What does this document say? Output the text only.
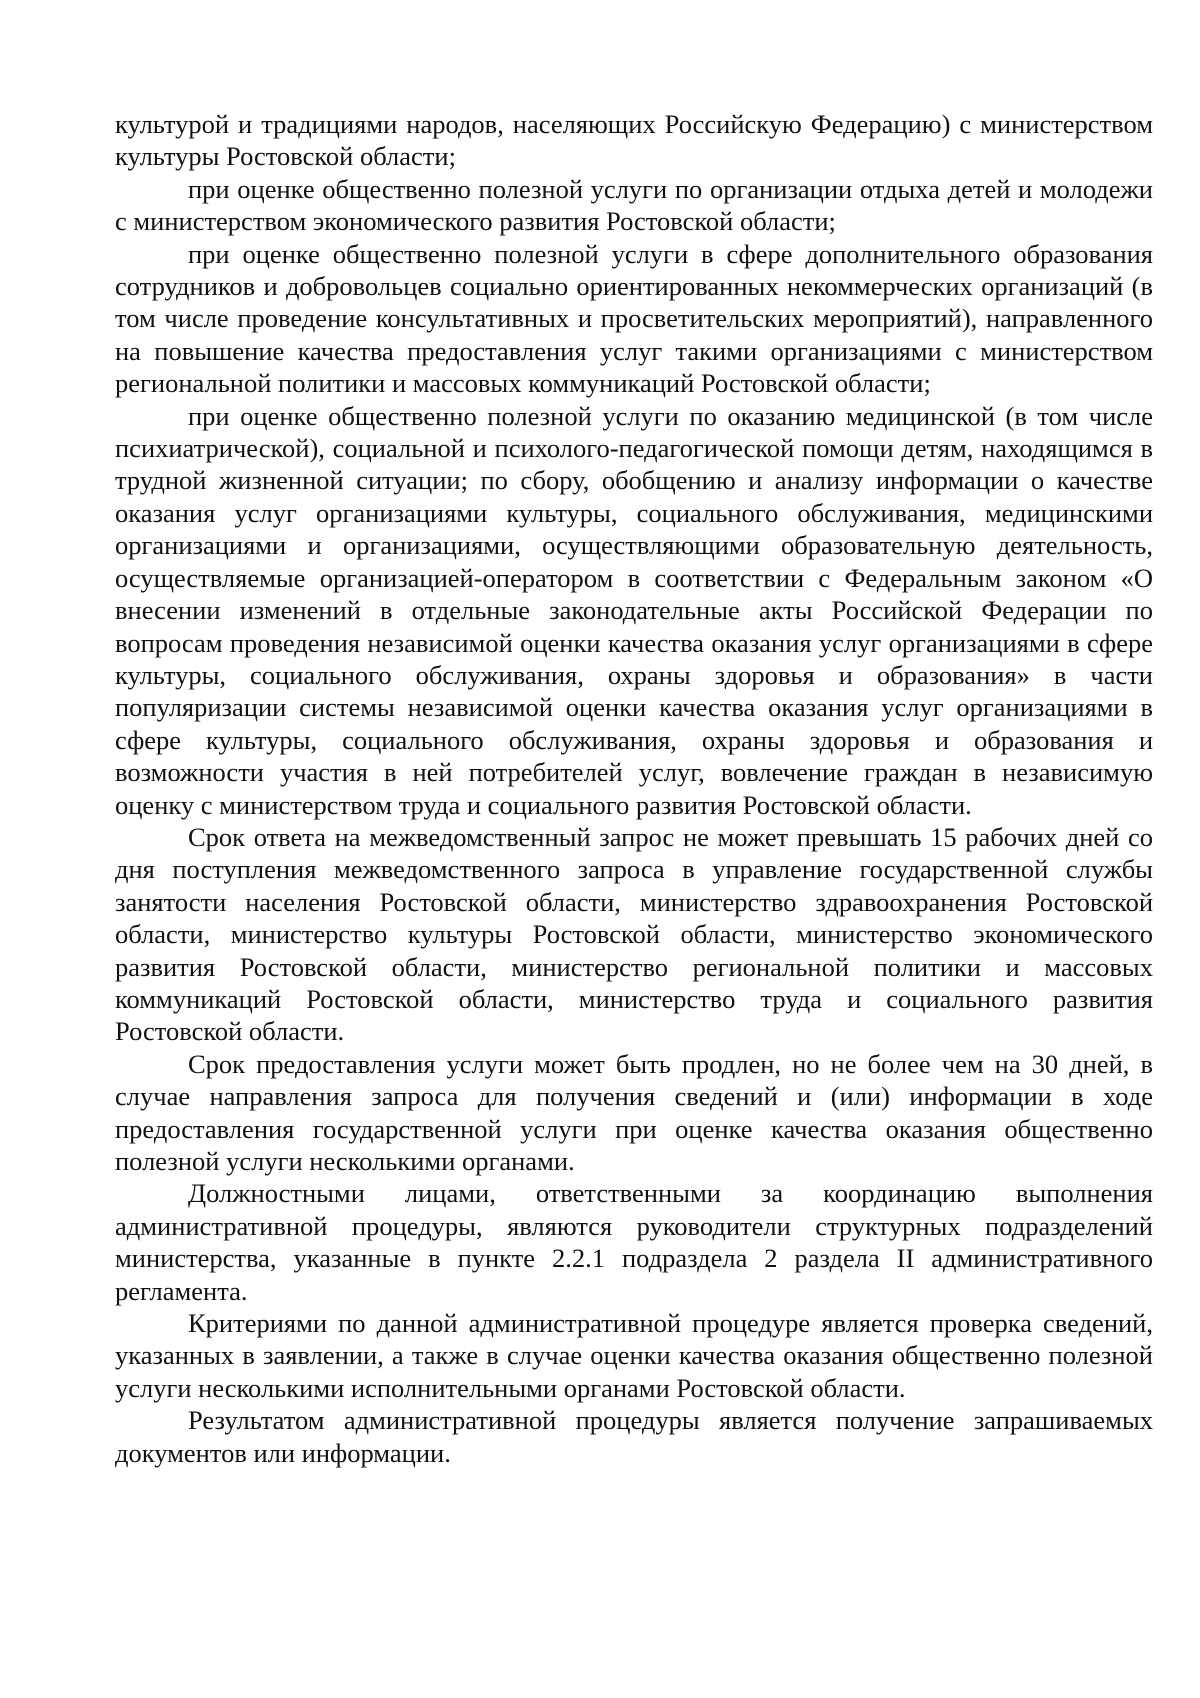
культурой и традициями народов, населяющих Российскую Федерацию) с министерством культуры Ростовской области;

при оценке общественно полезной услуги по организации отдыха детей и молодежи с министерством экономического развития Ростовской области;

при оценке общественно полезной услуги в сфере дополнительного образования сотрудников и добровольцев социально ориентированных некоммерческих организаций (в том числе проведение консультативных и просветительских мероприятий), направленного на повышение качества предоставления услуг такими организациями с министерством региональной политики и массовых коммуникаций Ростовской области;

при оценке общественно полезной услуги по оказанию медицинской (в том числе психиатрической), социальной и психолого-педагогической помощи детям, находящимся в трудной жизненной ситуации; по сбору, обобщению и анализу информации о качестве оказания услуг организациями культуры, социального обслуживания, медицинскими организациями и организациями, осуществляющими образовательную деятельность, осуществляемые организацией-оператором в соответствии с Федеральным законом «О внесении изменений в отдельные законодательные акты Российской Федерации по вопросам проведения независимой оценки качества оказания услуг организациями в сфере культуры, социального обслуживания, охраны здоровья и образования» в части популяризации системы независимой оценки качества оказания услуг организациями в сфере культуры, социального обслуживания, охраны здоровья и образования и возможности участия в ней потребителей услуг, вовлечение граждан в независимую оценку с министерством труда и социального развития Ростовской области.

Срок ответа на межведомственный запрос не может превышать 15 рабочих дней со дня поступления межведомственного запроса в управление государственной службы занятости населения Ростовской области, министерство здравоохранения Ростовской области, министерство культуры Ростовской области, министерство экономического развития Ростовской области, министерство региональной политики и массовых коммуникаций Ростовской области, министерство труда и социального развития Ростовской области.

Срок предоставления услуги может быть продлен, но не более чем на 30 дней, в случае направления запроса для получения сведений и (или) информации в ходе предоставления государственной услуги при оценке качества оказания общественно полезной услуги несколькими органами.

Должностными лицами, ответственными за координацию выполнения административной процедуры, являются руководители структурных подразделений министерства, указанные в пункте 2.2.1 подраздела 2 раздела II административного регламента.

Критериями по данной административной процедуре является проверка сведений, указанных в заявлении, а также в случае оценки качества оказания общественно полезной услуги несколькими исполнительными органами Ростовской области.

Результатом административной процедуры является получение запрашиваемых документов или информации.
